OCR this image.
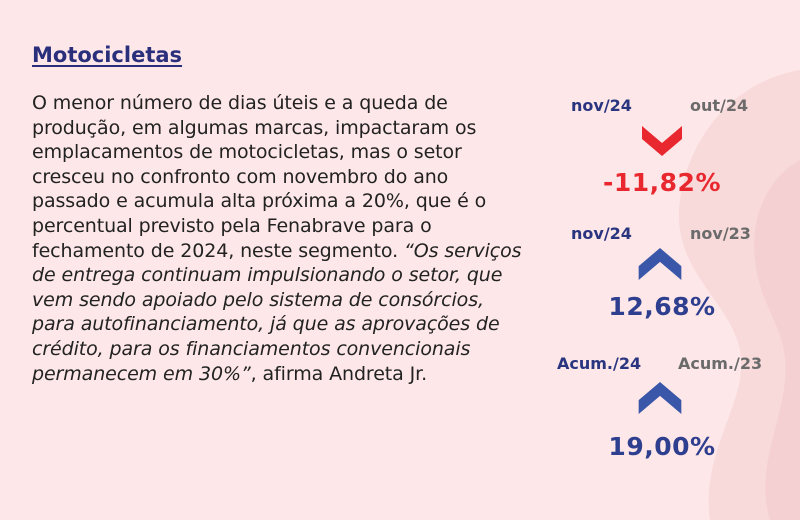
Motocicletas

O menor número de dias úteis e a queda de produção, em algumas marcas, impactaram os emplacamentos de motocicletas, mas o setor cresceu no confronto com novembro do ano passado e acumula alta próxima a 20%, que é o percentual previsto pela Fenabrave para o fechamento de 2024, neste segmento. “Os serviços de entrega continuam impulsionando o setor, que vem sendo apoiado pelo sistema de consórcios, para autofinanciamento, já que as aprovações de crédito, para os financiamentos convencionais permanecem em 30%”, afirma Andreta Jr.

nov/24	out/24
-11,82%
nov/24	nov/23
12,68%
Acum./24 Acum./23
19,00%
